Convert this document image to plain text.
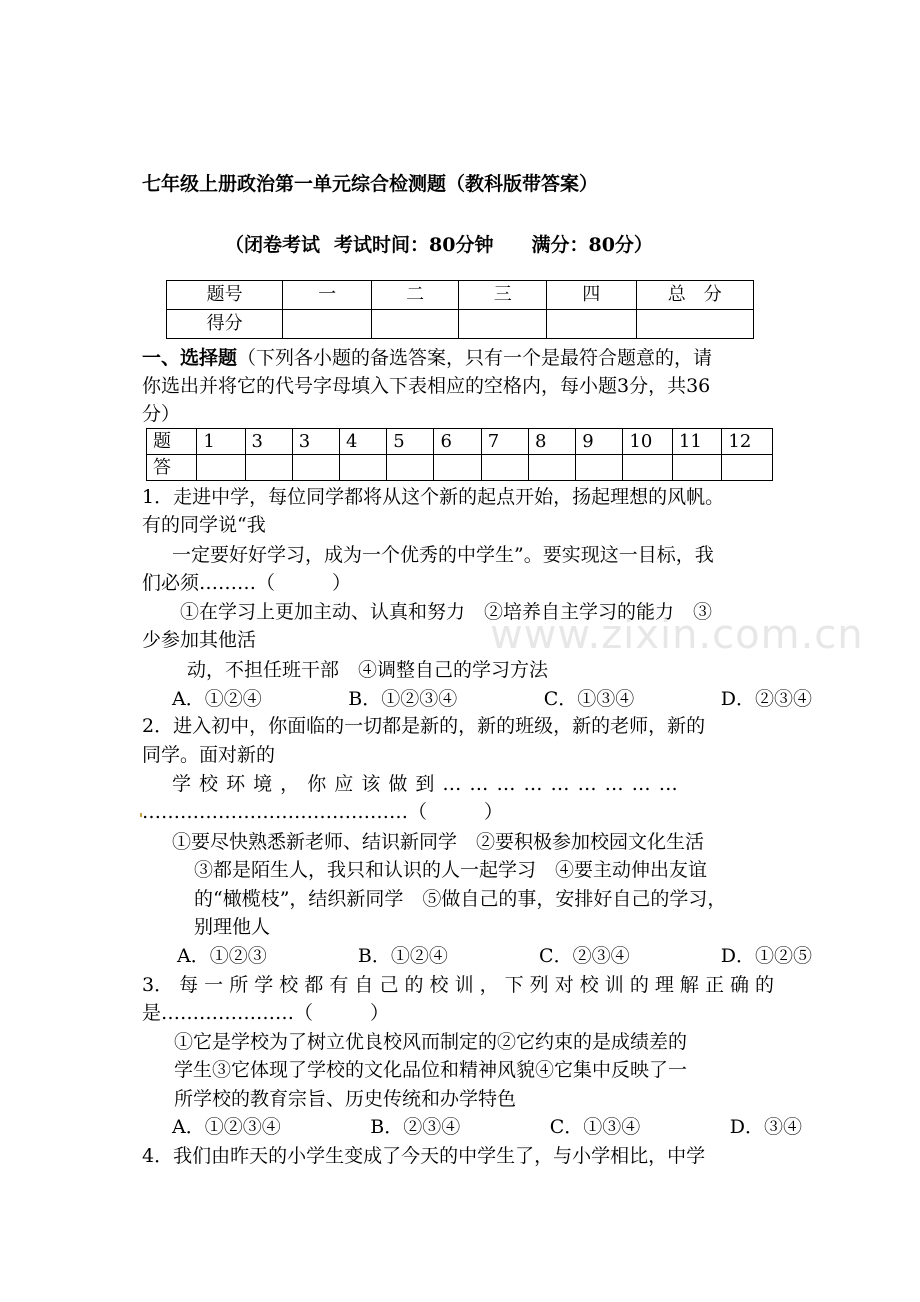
七年级上册政治第一单元综合检测题（教科版带答案）
（闭卷考试 考试时间：80分钟 满分：80分）
题号	一	二	三	四	总　分
得分					
一、选择题（下列各小题的备选答案，只有一个是最符合题意的，请
你选出并将它的代号字母填入下表相应的空格内，每小题3分，共36
分）
题	1	3	3	4	5	6	7	8	9	10	11	12
答												
1．走进中学，每位同学都将从这个新的起点开始，扬起理想的风帆。
有的同学说“我
一定要好好学习，成为一个优秀的中学生”。要实现这一目标，我
们必须………（　　　）
①在学习上更加主动、认真和努力　②培养自主学习的能力　③
少参加其他活
动，不担任班干部　④调整自己的学习方法
A．①②④	B．①②③④	C．①③④	D．②③④
2．进入初中，你面临的一切都是新的，新的班级，新的老师，新的
同学。面对新的
学 校 环 境 ， 你 应 该 做 到 … … … … … … … … …
……………………………………（　　　）
①要尽快熟悉新老师、结识新同学　②要积极参加校园文化生活
③都是陌生人，我只和认识的人一起学习　④要主动伸出友谊
的“橄榄枝”，结织新同学　⑤做自己的事，安排好自己的学习，
别理他人
A．①②③	B．①②④	C．②③④	D．①②⑤
3． 每 一 所 学 校 都 有 自 己 的 校 训 ， 下 列 对 校 训 的 理 解 正 确 的
是…………………（　　　）
①它是学校为了树立优良校风而制定的②它约束的是成绩差的
学生③它体现了学校的文化品位和精神风貌④它集中反映了一
所学校的教育宗旨、历史传统和办学特色
A．①②③④	B．②③④	C．①③④	D．③④
4．我们由昨天的小学生变成了今天的中学生了，与小学相比，中学
www.zixin.com.cn
